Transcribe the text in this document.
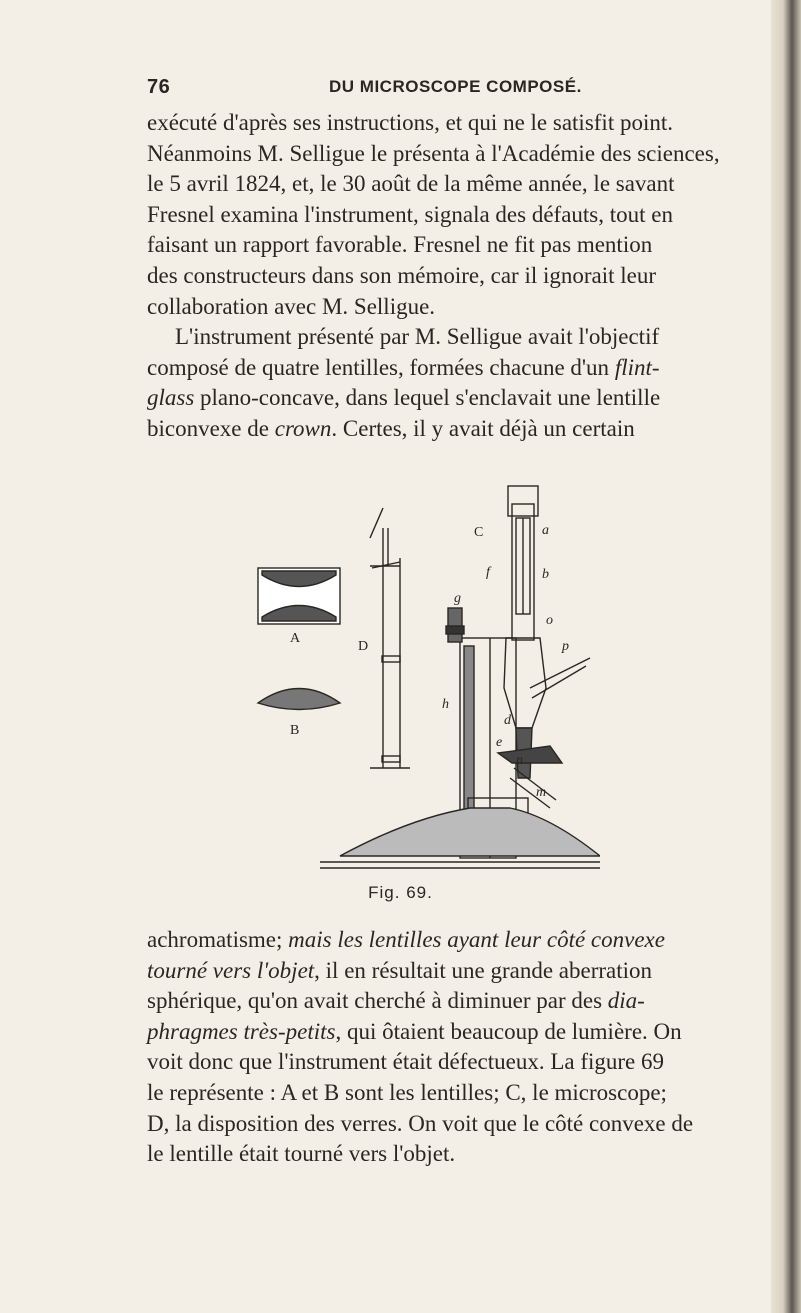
76	DU MICROSCOPE COMPOSÉ.

exécuté d'après ses instructions, et qui ne le satisfit point.

Néanmoins M. Selligue le présenta à l'Académie des sciences,

le 5 avril 1824, et, le 30 août de la même année, le savant

Fresnel examina l'instrument, signala des défauts, tout en

faisant un rapport favorable. Fresnel ne fit pas mention

des constructeurs dans son mémoire, car il ignorait leur

collaboration avec M. Selligue.

L'instrument présenté par M. Selligue avait l'objectif

composé de quatre lentilles, formées chacune d'un flint-

glass plano-concave, dans lequel s'enclavait une lentille

biconvexe de crown. Certes, il y avait déjà un certain

A
B
C
D
a
b
o
f
g
p
e
n
m
d
h
Fig. 69.

achromatisme; mais les lentilles ayant leur côté convexe

tourné vers l'objet, il en résultait une grande aberration

sphérique, qu'on avait cherché à diminuer par des dia-

phragmes très-petits, qui ôtaient beaucoup de lumière. On

voit donc que l'instrument était défectueux. La figure 69

le représente : A et B sont les lentilles; C, le microscope;

D, la disposition des verres. On voit que le côté convexe de

le lentille était tourné vers l'objet.
